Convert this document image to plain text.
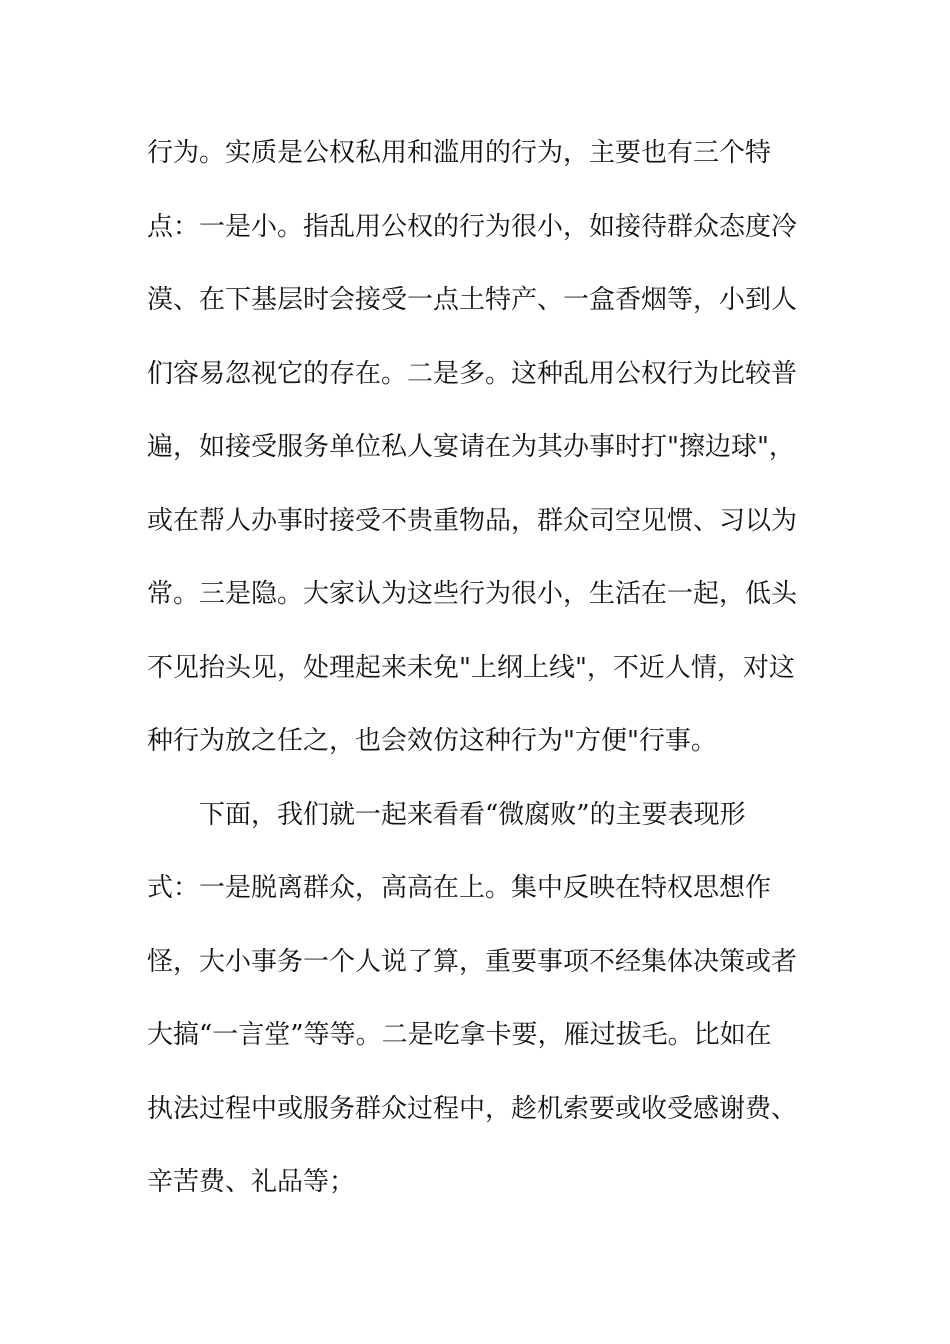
行为。实质是公权私用和滥用的行为，主要也有三个特
点：一是小。指乱用公权的行为很小，如接待群众态度冷
漠、在下基层时会接受一点土特产、一盒香烟等，小到人
们容易忽视它的存在。二是多。这种乱用公权行为比较普
遍，如接受服务单位私人宴请在为其办事时打"擦边球"，
或在帮人办事时接受不贵重物品，群众司空见惯、习以为
常。三是隐。大家认为这些行为很小，生活在一起，低头
不见抬头见，处理起来未免"上纲上线"，不近人情，对这
种行为放之任之，也会效仿这种行为"方便"行事。
下面，我们就一起来看看“微腐败”的主要表现形
式：一是脱离群众，高高在上。集中反映在特权思想作
怪，大小事务一个人说了算，重要事项不经集体决策或者
大搞“一言堂”等等。二是吃拿卡要，雁过拔毛。比如在
执法过程中或服务群众过程中，趁机索要或收受感谢费、
辛苦费、礼品等；
